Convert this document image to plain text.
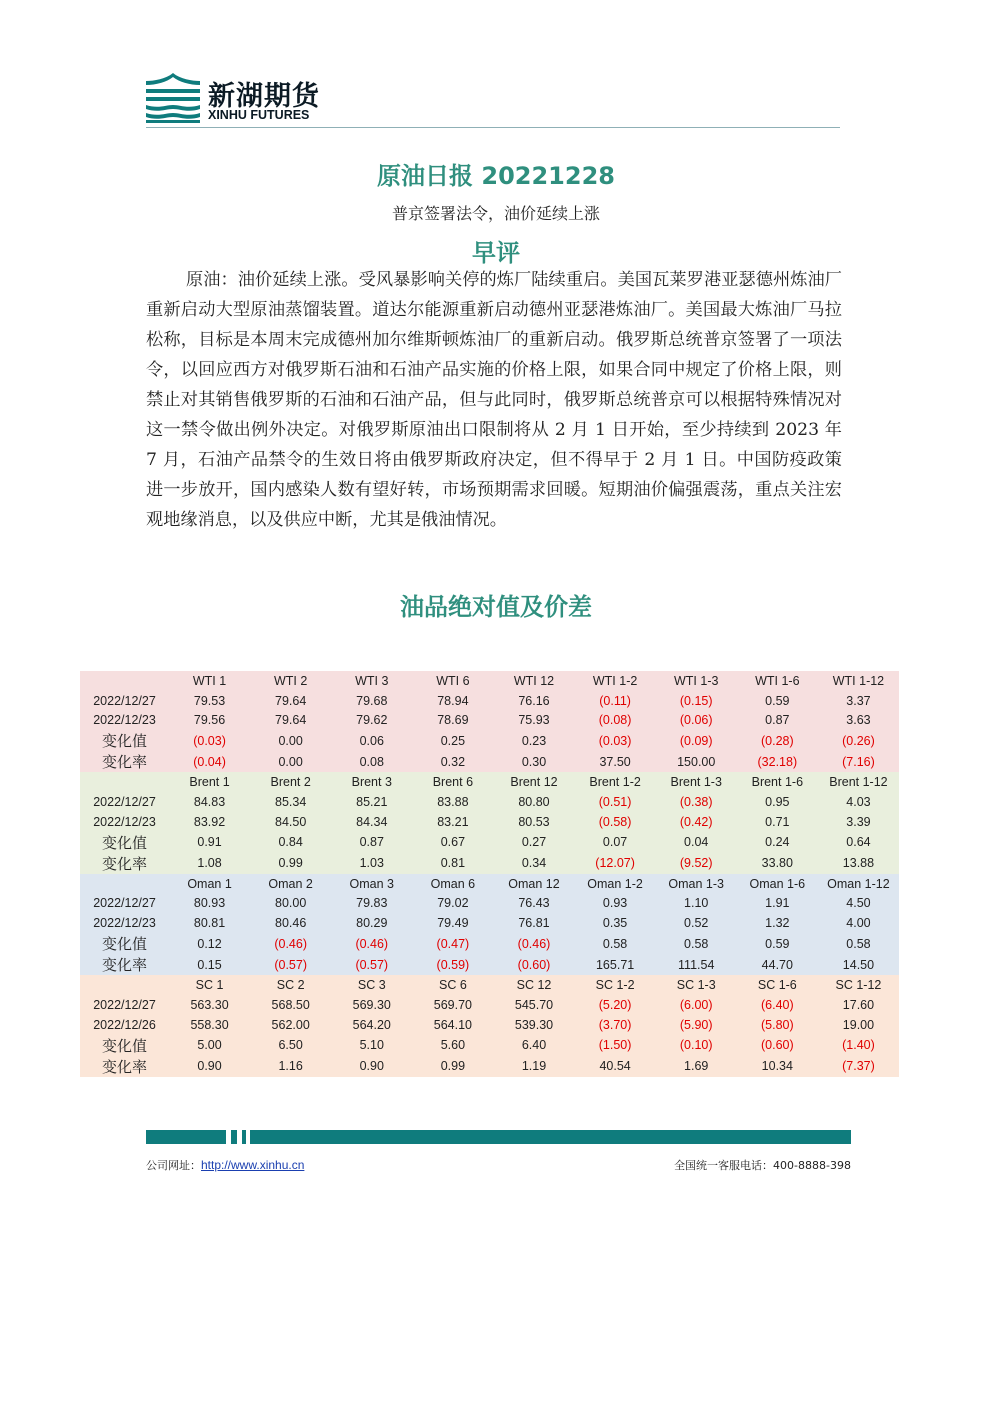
新湖期货
XINHU FUTURES
原油日报 20221228
普京签署法令，油价延续上涨
早评
原油：油价延续上涨。受风暴影响关停的炼厂陆续重启。美国瓦莱罗港亚瑟德州炼油厂重新启动大型原油蒸馏装置。道达尔能源重新启动德州亚瑟港炼油厂。美国最大炼油厂马拉松称，目标是本周末完成德州加尔维斯顿炼油厂的重新启动。俄罗斯总统普京签署了一项法令，以回应西方对俄罗斯石油和石油产品实施的价格上限，如果合同中规定了价格上限，则禁止对其销售俄罗斯的石油和石油产品，但与此同时，俄罗斯总统普京可以根据特殊情况对这一禁令做出例外决定。对俄罗斯原油出口限制将从 2 月 1 日开始，至少持续到 2023 年 7 月，石油产品禁令的生效日将由俄罗斯政府决定，但不得早于 2 月 1 日。中国防疫政策进一步放开，国内感染人数有望好转，市场预期需求回暖。短期油价偏强震荡，重点关注宏观地缘消息，以及供应中断，尤其是俄油情况。
油品绝对值及价差
	WTI 1	WTI 2	WTI 3	WTI 6	WTI 12	WTI 1-2	WTI 1-3	WTI 1-6	WTI 1-12
2022/12/27	79.53	79.64	79.68	78.94	76.16	(0.11)	(0.15)	0.59	3.37
2022/12/23	79.56	79.64	79.62	78.69	75.93	(0.08)	(0.06)	0.87	3.63
变化值	(0.03)	0.00	0.06	0.25	0.23	(0.03)	(0.09)	(0.28)	(0.26)
变化率	(0.04)	0.00	0.08	0.32	0.30	37.50	150.00	(32.18)	(7.16)
	Brent 1	Brent 2	Brent 3	Brent 6	Brent 12	Brent 1-2	Brent 1-3	Brent 1-6	Brent 1-12
2022/12/27	84.83	85.34	85.21	83.88	80.80	(0.51)	(0.38)	0.95	4.03
2022/12/23	83.92	84.50	84.34	83.21	80.53	(0.58)	(0.42)	0.71	3.39
变化值	0.91	0.84	0.87	0.67	0.27	0.07	0.04	0.24	0.64
变化率	1.08	0.99	1.03	0.81	0.34	(12.07)	(9.52)	33.80	13.88
	Oman 1	Oman 2	Oman 3	Oman 6	Oman 12	Oman 1-2	Oman 1-3	Oman 1-6	Oman 1-12
2022/12/27	80.93	80.00	79.83	79.02	76.43	0.93	1.10	1.91	4.50
2022/12/23	80.81	80.46	80.29	79.49	76.81	0.35	0.52	1.32	4.00
变化值	0.12	(0.46)	(0.46)	(0.47)	(0.46)	0.58	0.58	0.59	0.58
变化率	0.15	(0.57)	(0.57)	(0.59)	(0.60)	165.71	111.54	44.70	14.50
	SC 1	SC 2	SC 3	SC 6	SC 12	SC 1-2	SC 1-3	SC 1-6	SC 1-12
2022/12/27	563.30	568.50	569.30	569.70	545.70	(5.20)	(6.00)	(6.40)	17.60
2022/12/26	558.30	562.00	564.20	564.10	539.30	(3.70)	(5.90)	(5.80)	19.00
变化值	5.00	6.50	5.10	5.60	6.40	(1.50)	(0.10)	(0.60)	(1.40)
变化率	0.90	1.16	0.90	0.99	1.19	40.54	1.69	10.34	(7.37)
公司网址：http://www.xinhu.cn	全国统一客服电话：400-8888-398
